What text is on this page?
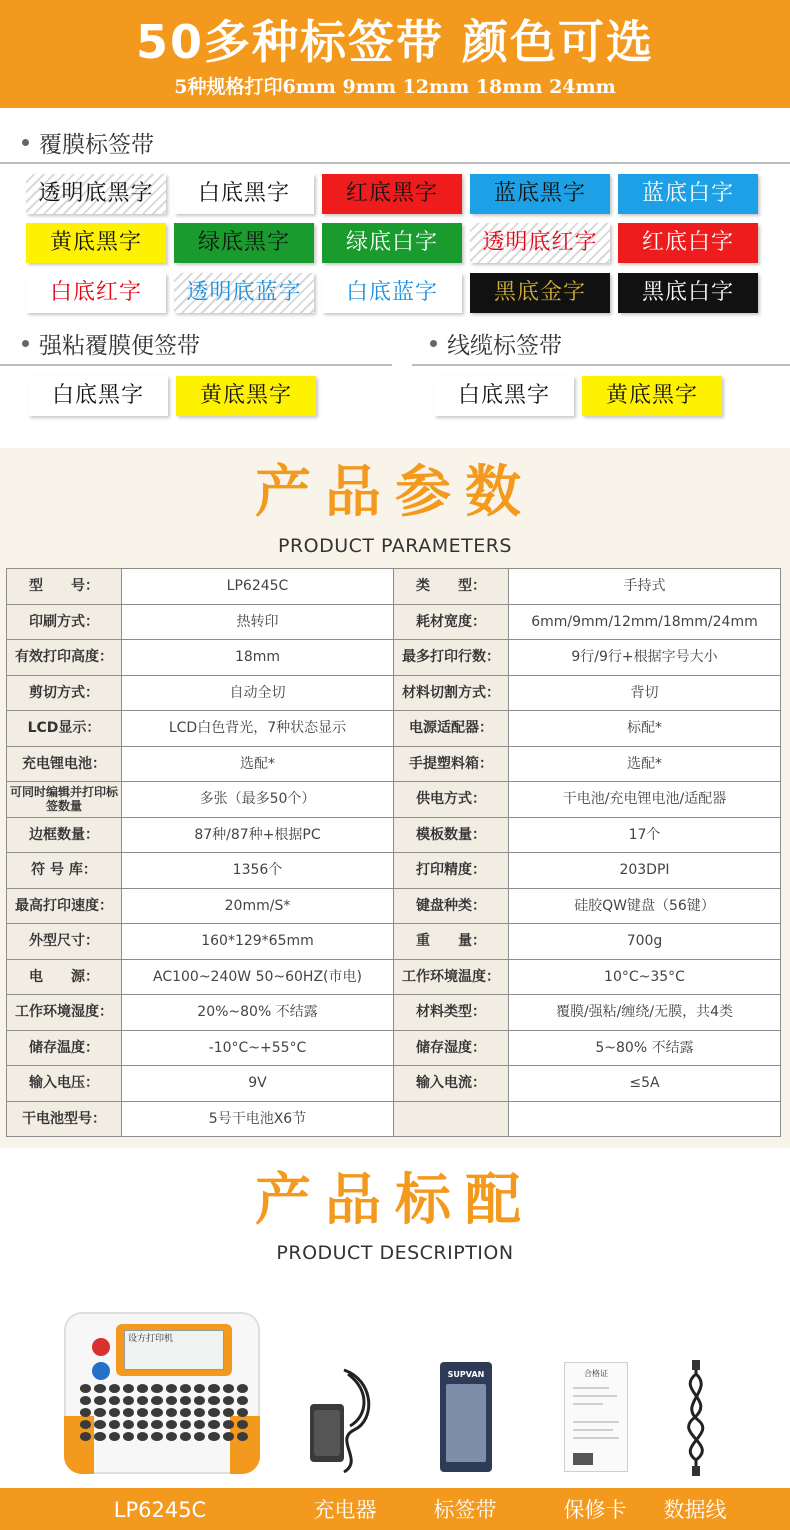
50多种标签带 颜色可选
5种规格打印6mm 9mm 12mm 18mm 24mm
覆膜标签带
透明底黑字	白底黑字	红底黑字	蓝底黑字	蓝底白字
黄底黑字	绿底黑字	绿底白字	透明底红字	红底白字
白底红字	透明底蓝字	白底蓝字	黑底金字	黑底白字
强粘覆膜便签带	线缆标签带
白底黑字	黄底黑字	白底黑字	黄底黑字
产品参数
PRODUCT PARAMETERS
型　　号：	LP6245C	类　　型：	手持式
印刷方式：	热转印	耗材宽度：	6mm/9mm/12mm/18mm/24mm
有效打印高度：	18mm	最多打印行数：	9行/9行+根据字号大小
剪切方式：	自动全切	材料切割方式：	背切
LCD显示：	LCD白色背光，7种状态显示	电源适配器：	标配*
充电锂电池：	选配*	手提塑料箱：	选配*
可同时编辑并打印标签数量	多张（最多50个）	供电方式：	干电池/充电锂电池/适配器
边框数量：	87种/87种+根据PC	模板数量：	17个
符 号 库：	1356个	打印精度：	203DPI
最高打印速度：	20mm/S*	键盘种类：	硅胶QW键盘（56键）
外型尺寸：	160*129*65mm	重　　量：	700g
电　　源：	AC100~240W 50~60HZ(市电)	工作环境温度：	10°C~35°C
工作环境湿度：	20%~80% 不结露	材料类型：	覆膜/强粘/缠绕/无膜，共4类
储存温度：	-10°C~+55°C	储存湿度：	5~80% 不结露
输入电压：	9V	输入电流：	≤5A
干电池型号：	5号干电池X6节		
产品标配
PRODUCT DESCRIPTION
设方打印机
SUPVAN	合格证
LP6245C	充电器	标签带	保修卡	数据线
